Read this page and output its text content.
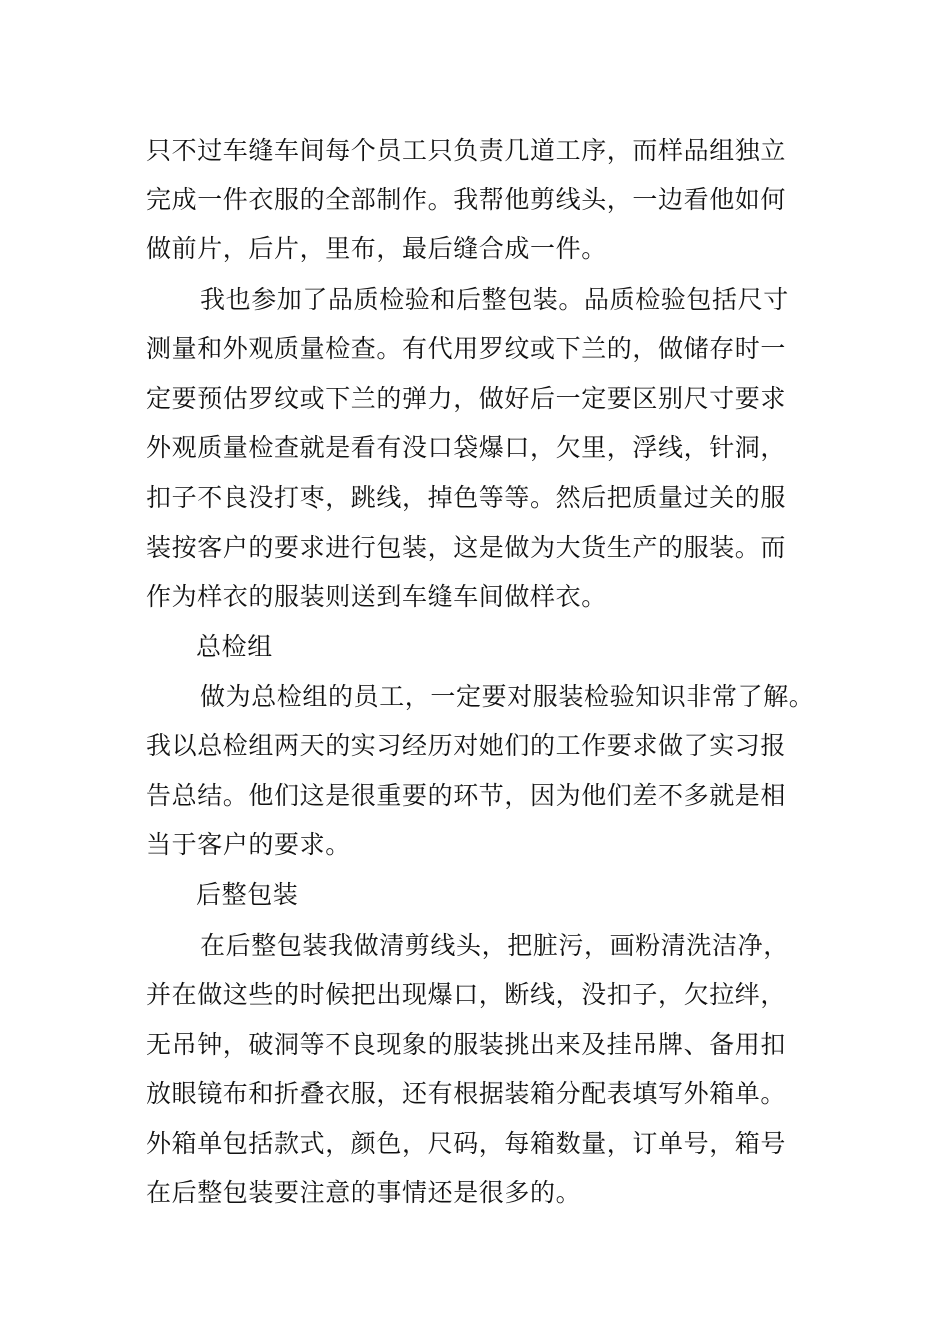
只不过车缝车间每个员工只负责几道工序，而样品组独立
完成一件衣服的全部制作。我帮他剪线头，一边看他如何
做前片，后片，里布，最后缝合成一件。
我也参加了品质检验和后整包装。品质检验包括尺寸
测量和外观质量检查。有代用罗纹或下兰的，做储存时一
定要预估罗纹或下兰的弹力，做好后一定要区别尺寸要求
外观质量检查就是看有没口袋爆口，欠里，浮线，针洞，
扣子不良没打枣，跳线，掉色等等。然后把质量过关的服
装按客户的要求进行包装，这是做为大货生产的服装。而
作为样衣的服装则送到车缝车间做样衣。
总检组
做为总检组的员工，一定要对服装检验知识非常了解。
我以总检组两天的实习经历对她们的工作要求做了实习报
告总结。他们这是很重要的环节，因为他们差不多就是相
当于客户的要求。
后整包装
在后整包装我做清剪线头，把脏污，画粉清洗洁净，
并在做这些的时候把出现爆口，断线，没扣子，欠拉绊，
无吊钟，破洞等不良现象的服装挑出来及挂吊牌、备用扣
放眼镜布和折叠衣服，还有根据装箱分配表填写外箱单。
外箱单包括款式，颜色，尺码，每箱数量，订单号，箱号
在后整包装要注意的事情还是很多的。
